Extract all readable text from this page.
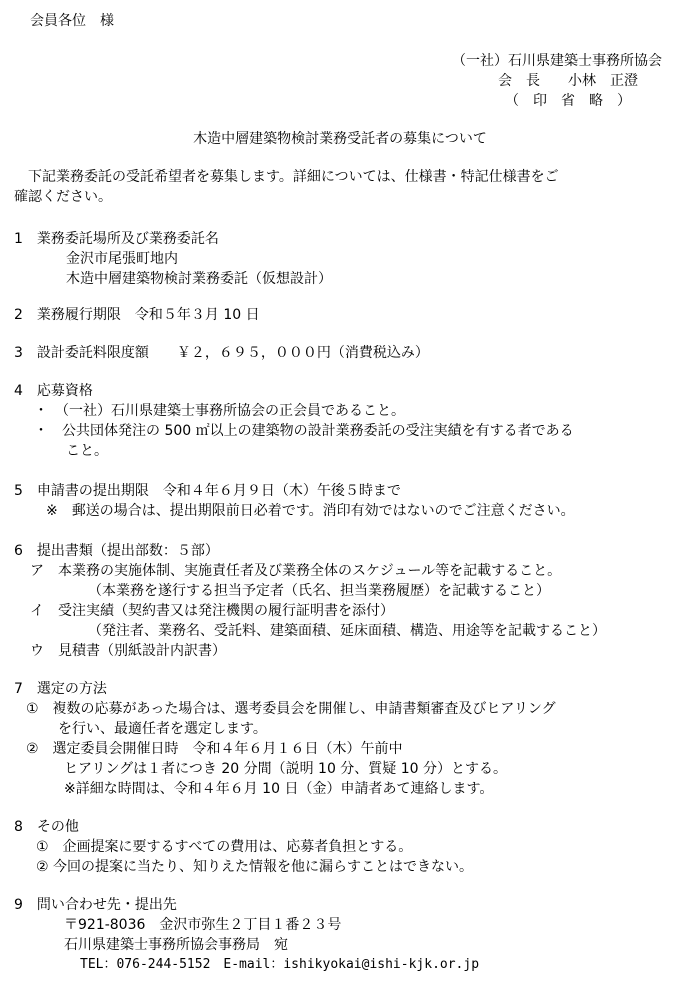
会員各位　様
（一社）石川県建築士事務所協会
会　長　　小林　正澄
（　印　省　略　）
木造中層建築物検討業務受託者の募集について
　下記業務委託の受託希望者を募集します。詳細については、仕様書・特記仕様書をご
確認ください。
1　業務委託場所及び業務委託名
金沢市尾張町地内
木造中層建築物検討業務委託（仮想設計）
2　業務履行期限　令和５年３月 10 日
3　設計委託料限度額　　￥２，６９５，０００円（消費税込み）
4　応募資格
・　（一社）石川県建築士事務所協会の正会員であること。
・　公共団体発注の 500 ㎡以上の建築物の設計業務委託の受注実績を有する者である
こと。
5　申請書の提出期限　令和４年６月９日（木）午後５時まで
※　郵送の場合は、提出期限前日必着です。消印有効ではないのでご注意ください。
6　提出書類（提出部数：５部）
ア　本業務の実施体制、実施責任者及び業務全体のスケジュール等を記載すること。
（本業務を遂行する担当予定者（氏名、担当業務履歴）を記載すること）
イ　受注実績（契約書又は発注機関の履行証明書を添付）
（発注者、業務名、受託料、建築面積、延床面積、構造、用途等を記載すること）
ウ　見積書（別紙設計内訳書）
7　選定の方法
①　複数の応募があった場合は、選考委員会を開催し、申請書類審査及びヒアリング
を行い、最適任者を選定します。
②　選定委員会開催日時　令和４年６月１６日（木）午前中
ヒアリングは１者につき 20 分間（説明 10 分、質疑 10 分）とする。
※詳細な時間は、令和４年６月 10 日（金）申請者あて連絡します。
8　その他
①　企画提案に要するすべての費用は、応募者負担とする。
② 今回の提案に当たり、知りえた情報を他に漏らすことはできない。
9　問い合わせ先・提出先
〒921-8036　金沢市弥生２丁目１番２３号
石川県建築士事務所協会事務局　宛
TEL：076-244-5152　E-mail：ishikyokai@ishi-kjk.or.jp
